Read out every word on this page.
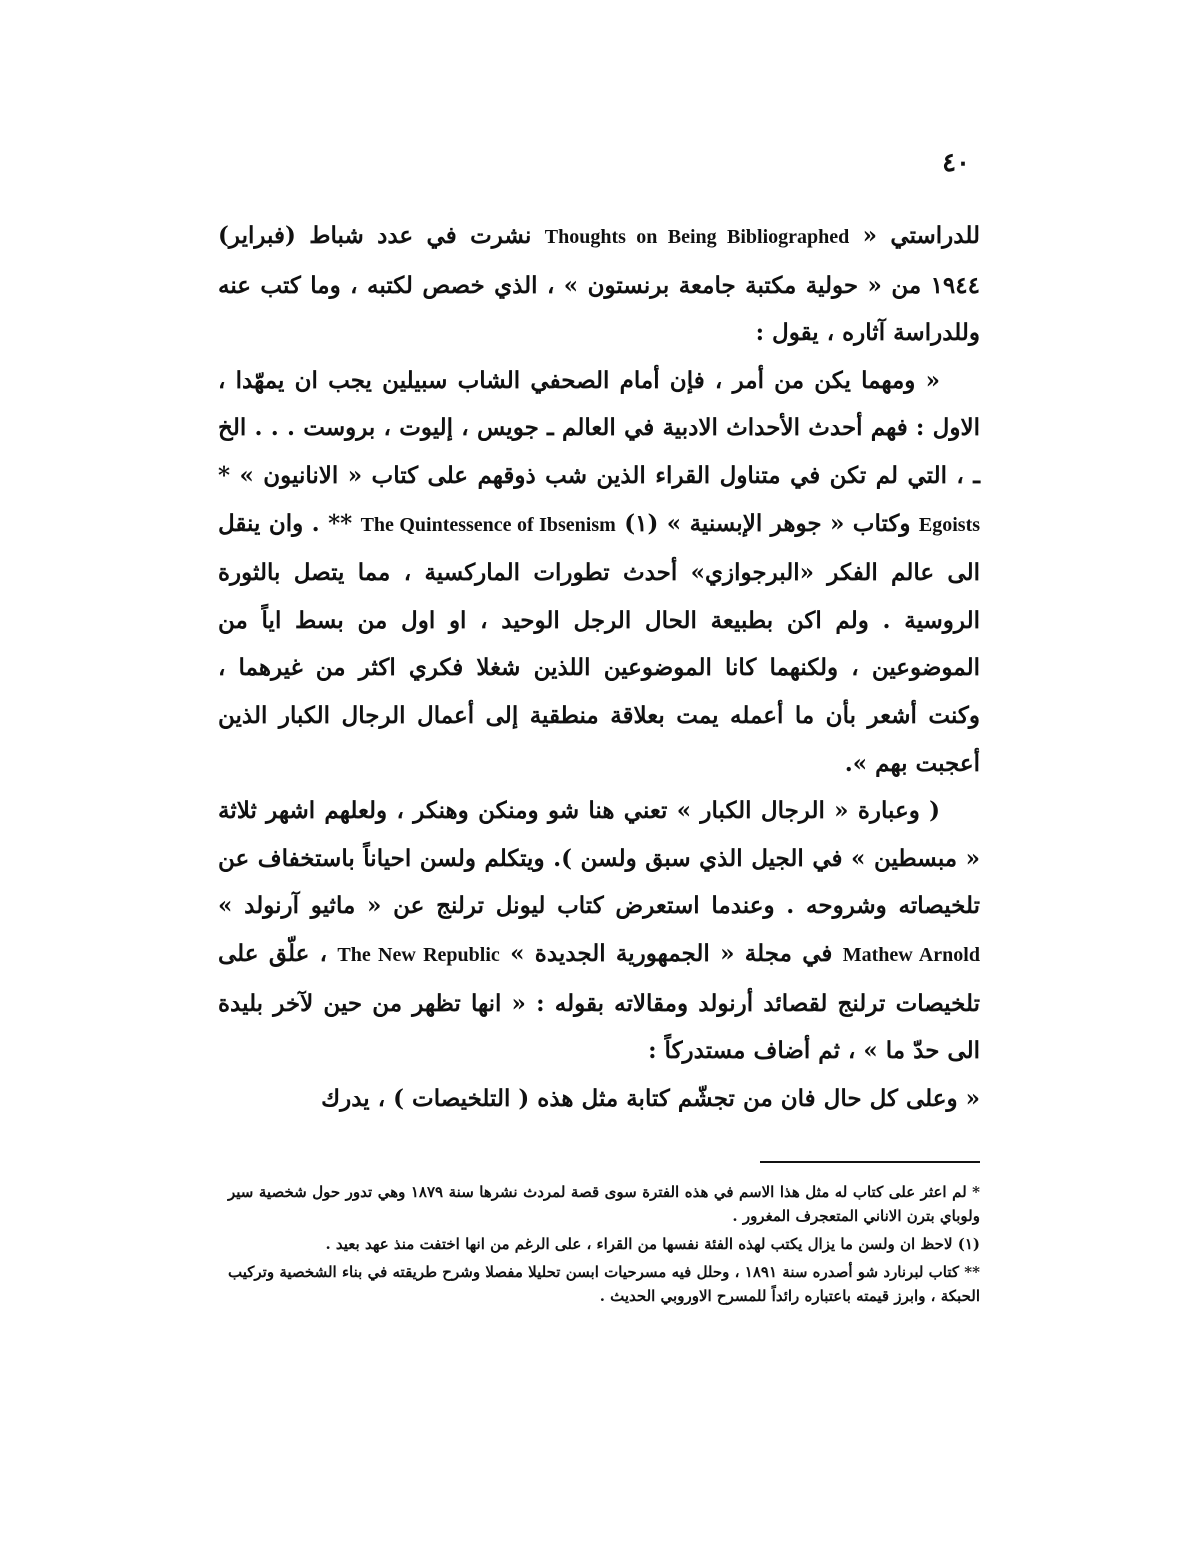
٤٠

للدراستي « Thoughts on Being Bibliographed نشرت في عدد شباط (فبراير) ١٩٤٤ من « حولية مكتبة جامعة برنستون » ، الذي خصص لكتبه ، وما كتب عنه وللدراسة آثاره ، يقول :

« ومهما يكن من أمر ، فإن أمام الصحفي الشاب سبيلين يجب ان يمهّدا ، الاول : فهم أحدث الأحداث الادبية في العالم ـ جويس ، إليوت ، بروست . . . الخ ـ ، التي لم تكن في متناول القراء الذين شب ذوقهم على كتاب « الانانيون » * Egoists وكتاب « جوهر الإبسنية » (١) The Quintessence of Ibsenism ** . وان ينقل الى عالم الفكر «البرجوازي» أحدث تطورات الماركسية ، مما يتصل بالثورة الروسية . ولم اكن بطبيعة الحال الرجل الوحيد ، او اول من بسط اياً من الموضوعين ، ولكنهما كانا الموضوعين اللذين شغلا فكري اكثر من غيرهما ، وكنت أشعر بأن ما أعمله يمت بعلاقة منطقية إلى أعمال الرجال الكبار الذين أعجبت بهم ».

( وعبارة « الرجال الكبار » تعني هنا شو ومنكن وهنكر ، ولعلهم اشهر ثلاثة « مبسطين » في الجيل الذي سبق ولسن ). ويتكلم ولسن احياناً باستخفاف عن تلخيصاته وشروحه . وعندما استعرض كتاب ليونل ترلنج عن « ماثيو آرنولد » Mathew Arnold في مجلة « الجمهورية الجديدة » The New Republic ، علّق على تلخيصات ترلنج لقصائد أرنولد ومقالاته بقوله : « انها تظهر من حين لآخر بليدة الى حدّ ما » ، ثم أضاف مستدركاً :

« وعلى كل حال فان من تجشّم كتابة مثل هذه ( التلخيصات ) ، يدرك

* لم اعثر على كتاب له مثل هذا الاسم في هذه الفترة سوى قصة لمردث نشرها سنة ١٨٧٩ وهي تدور حول شخصية سير ولوباي بترن الاناني المتعجرف المغرور .

(١) لاحظ ان ولسن ما يزال يكتب لهذه الفئة نفسها من القراء ، على الرغم من انها اختفت منذ عهد بعيد .

** كتاب لبرنارد شو أصدره سنة ١٨٩١ ، وحلل فيه مسرحيات ابسن تحليلا مفصلا وشرح طريقته في بناء الشخصية وتركيب الحبكة ، وابرز قيمته باعتباره رائداً للمسرح الاوروبي الحديث .
